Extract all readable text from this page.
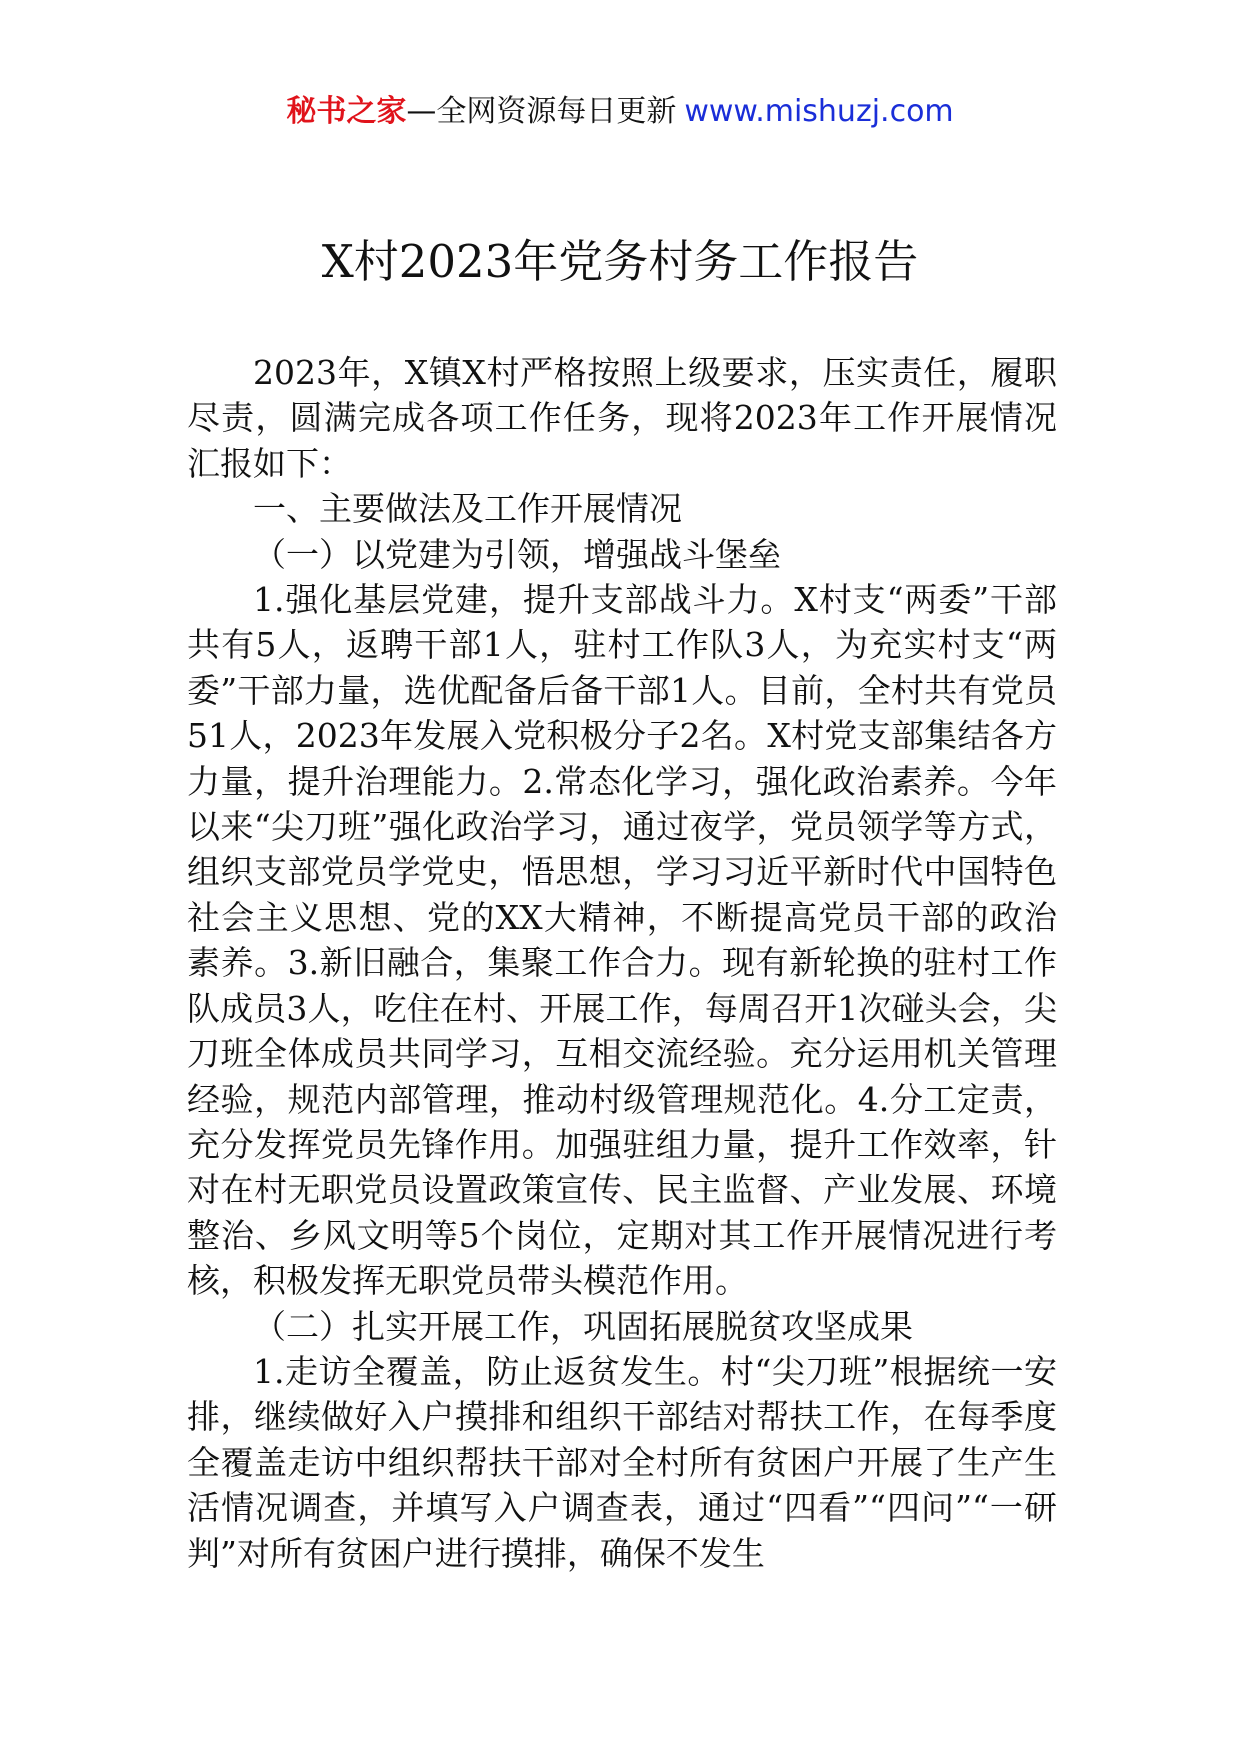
秘书之家—全网资源每日更新 www.mishuzj.com
X村2023年党务村务工作报告

2023年，X镇X村严格按照上级要求，压实责任，履职尽责，圆满完成各项工作任务，现将2023年工作开展情况汇报如下：

一、主要做法及工作开展情况

（一）以党建为引领，增强战斗堡垒

1.强化基层党建，提升支部战斗力。X村支“两委”干部共有5人，返聘干部1人，驻村工作队3人，为充实村支“两委”干部力量，选优配备后备干部1人。目前，全村共有党员51人，2023年发展入党积极分子2名。X村党支部集结各方力量，提升治理能力。2.常态化学习，强化政治素养。今年以来“尖刀班”强化政治学习，通过夜学，党员领学等方式，组织支部党员学党史，悟思想，学习习近平新时代中国特色社会主义思想、党的XX大精神，不断提高党员干部的政治素养。3.新旧融合，集聚工作合力。现有新轮换的驻村工作队成员3人，吃住在村、开展工作，每周召开1次碰头会，尖刀班全体成员共同学习，互相交流经验。充分运用机关管理经验，规范内部管理，推动村级管理规范化。4.分工定责，充分发挥党员先锋作用。加强驻组力量，提升工作效率，针对在村无职党员设置政策宣传、民主监督、产业发展、环境整治、乡风文明等5个岗位，定期对其工作开展情况进行考核，积极发挥无职党员带头模范作用。

（二）扎实开展工作，巩固拓展脱贫攻坚成果

1.走访全覆盖，防止返贫发生。村“尖刀班”根据统一安排，继续做好入户摸排和组织干部结对帮扶工作，在每季度全覆盖走访中组织帮扶干部对全村所有贫困户开展了生产生活情况调查，并填写入户调查表，通过“四看”“四问”“一研判”对所有贫困户进行摸排，确保不发生
